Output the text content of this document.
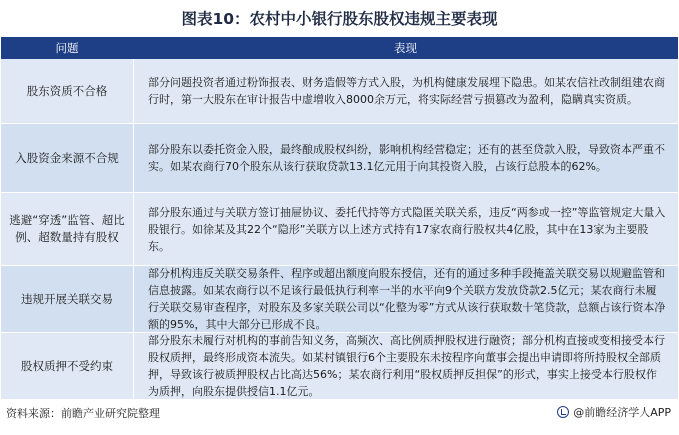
图表10：农村中小银行股东股权违规主要表现
问题	表现
股东资质不合格
部分问题投资者通过粉饰报表、财务造假等方式入股，为机构健康发展埋下隐患。如某农信社改制组建农商行时，第一大股东在审计报告中虚增收入8000余万元，将实际经营亏损篡改为盈利，隐瞒真实资质。
入股资金来源不合规
部分股东以委托资金入股，最终酿成股权纠纷，影响机构经营稳定；还有的甚至贷款入股，导致资本严重不实。如某农商行70个股东从该行获取贷款13.1亿元用于向其投资入股，占该行总股本的62%。
逃避“穿透”监管、超比例、超数量持有股权
部分股东通过与关联方签订抽屉协议、委托代持等方式隐匿关联关系，违反“两参或一控”等监管规定大量入股银行。如徐某及其22个“隐形”关联方以上述方式持有17家农商行股权共4亿股，其中在13家为主要股东。
违规开展关联交易
部分机构违反关联交易条件、程序或超出额度向股东授信，还有的通过多种手段掩盖关联交易以规避监管和信息披露。如某农商行以不足该行最低执行利率一半的水平向9个关联方发放贷款2.5亿元；某农商行未履行关联交易审查程序，对股东及多家关联公司以“化整为零”方式从该行获取数十笔贷款，总额占该行资本净额的95%，其中大部分已形成不良。
股权质押不受约束
部分股东未履行对机构的事前告知义务，高频次、高比例质押股权进行融资；部分机构直接或变相接受本行股权质押，最终形成资本流失。如某村镇银行6个主要股东未按程序向董事会提出申请即将所持股权全部质押，导致该行被质押股权占比高达56%；某农商行利用“股权质押反担保”的形式，事实上接受本行股权作为质押，向股东提供授信1.1亿元。
资料来源：前瞻产业研究院整理	@前瞻经济学人APP
